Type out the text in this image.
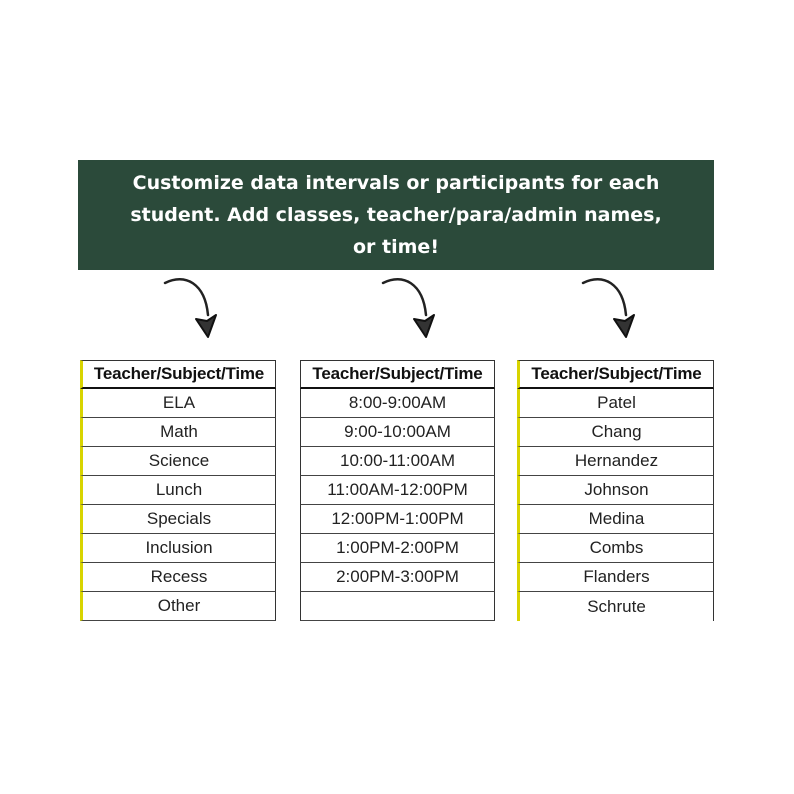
Customize data intervals or participants for each student. Add classes, teacher/para/admin names, or time!

Teacher/Subject/Time
ELA
Math
Science
Lunch
Specials
Inclusion
Recess
Other
Teacher/Subject/Time
8:00-9:00AM
9:00-10:00AM
10:00-11:00AM
11:00AM-12:00PM
12:00PM-1:00PM
1:00PM-2:00PM
2:00PM-3:00PM
Teacher/Subject/Time
Patel
Chang
Hernandez
Johnson
Medina
Combs
Flanders
Schrute
